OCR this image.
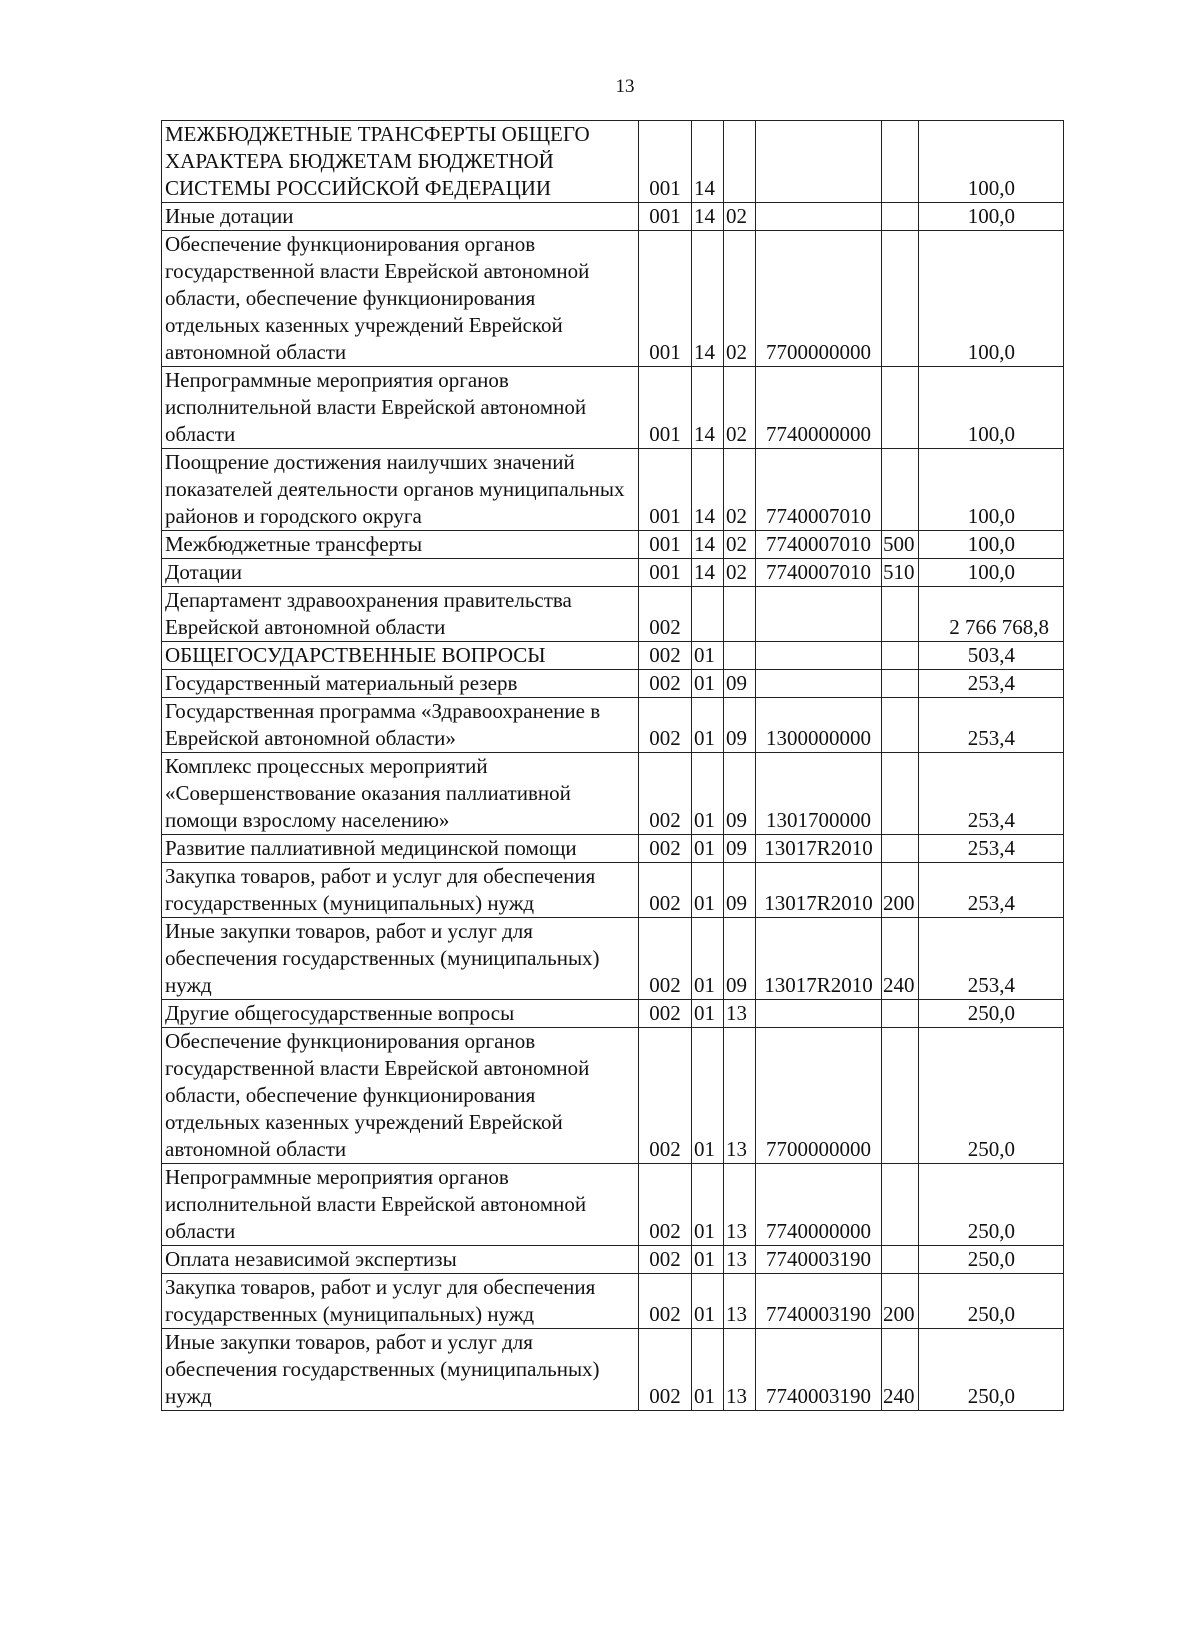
13
МЕЖБЮДЖЕТНЫЕ ТРАНСФЕРТЫ ОБЩЕГО ХАРАКТЕРА БЮДЖЕТАМ БЮДЖЕТНОЙ СИСТЕМЫ РОССИЙСКОЙ ФЕДЕРАЦИИ	001	14				100,0
Иные дотации	001	14	02			100,0
Обеспечение функционирования органов государственной власти Еврейской автономной области, обеспечение функционирования отдельных казенных учреждений Еврейской автономной области	001	14	02	7700000000		100,0
Непрограммные мероприятия органов исполнительной власти Еврейской автономной области	001	14	02	7740000000		100,0
Поощрение достижения наилучших значений показателей деятельности органов муниципальных районов и городского округа	001	14	02	7740007010		100,0
Межбюджетные трансферты	001	14	02	7740007010	500	100,0
Дотации	001	14	02	7740007010	510	100,0
Департамент здравоохранения правительства Еврейской автономной области	002					2 766 768,8
ОБЩЕГОСУДАРСТВЕННЫЕ ВОПРОСЫ	002	01				503,4
Государственный материальный резерв	002	01	09			253,4
Государственная программа «Здравоохранение в Еврейской автономной области»	002	01	09	1300000000		253,4
Комплекс процессных мероприятий «Совершенствование оказания паллиативной помощи взрослому населению»	002	01	09	1301700000		253,4
Развитие паллиативной медицинской помощи	002	01	09	13017R2010		253,4
Закупка товаров, работ и услуг для обеспечения государственных (муниципальных) нужд	002	01	09	13017R2010	200	253,4
Иные закупки товаров, работ и услуг для обеспечения государственных (муниципальных) нужд	002	01	09	13017R2010	240	253,4
Другие общегосударственные вопросы	002	01	13			250,0
Обеспечение функционирования органов государственной власти Еврейской автономной области, обеспечение функционирования отдельных казенных учреждений Еврейской автономной области	002	01	13	7700000000		250,0
Непрограммные мероприятия органов исполнительной власти Еврейской автономной области	002	01	13	7740000000		250,0
Оплата независимой экспертизы	002	01	13	7740003190		250,0
Закупка товаров, работ и услуг для обеспечения государственных (муниципальных) нужд	002	01	13	7740003190	200	250,0
Иные закупки товаров, работ и услуг для обеспечения государственных (муниципальных) нужд	002	01	13	7740003190	240	250,0
